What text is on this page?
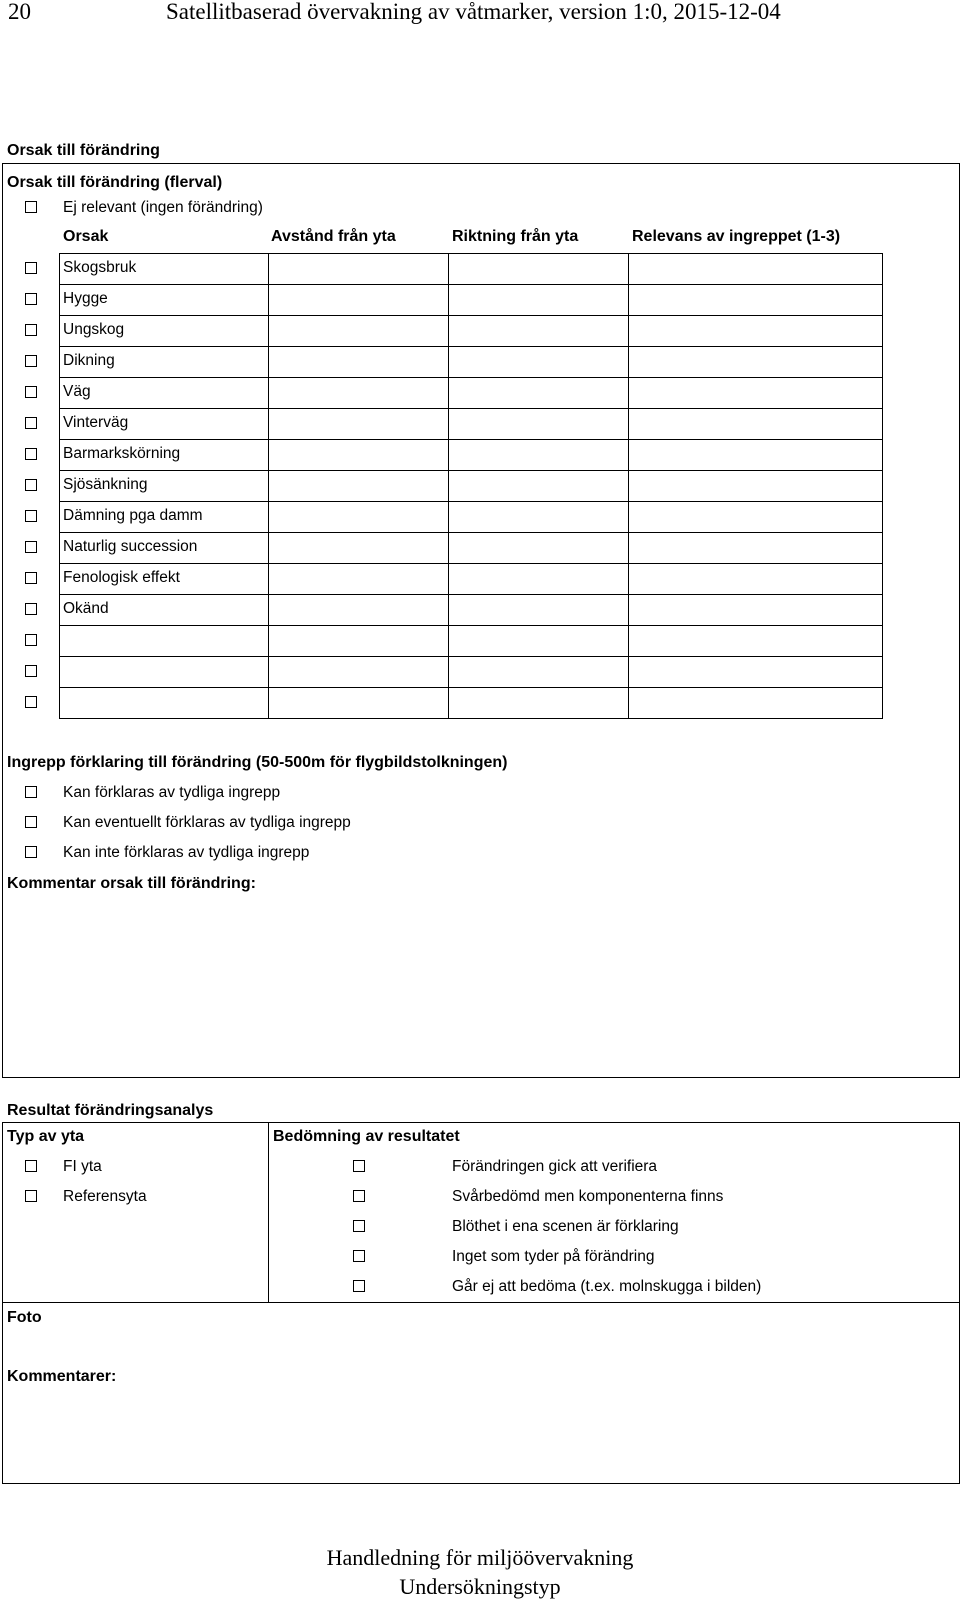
20	Satellitbaserad övervakning av våtmarker, version 1:0, 2015-12-04
Orsak till förändring
Orsak till förändring (flerval)
Ej relevant (ingen förändring)
Orsak	Avstånd från yta	Riktning från yta	Relevans av ingreppet (1-3)
Skogsbruk
Hygge
Ungskog
Dikning
Väg
Vinterväg
Barmarkskörning
Sjösänkning
Dämning pga damm
Naturlig succession
Fenologisk effekt
Okänd
Ingrepp förklaring till förändring (50-500m för flygbildstolkningen)
Kan förklaras av tydliga ingrepp
Kan eventuellt förklaras av tydliga ingrepp
Kan inte förklaras av tydliga ingrepp
Kommentar orsak till förändring:
Resultat förändringsanalys
Typ av yta	Bedömning av resultatet
FI yta
Referensyta
Förändringen gick att verifiera
Svårbedömd men komponenterna finns
Blöthet i ena scenen är förklaring
Inget som tyder på förändring
Går ej att bedöma (t.ex. molnskugga i bilden)
Foto
Kommentarer:
Handledning för miljöövervakning
Undersökningstyp
